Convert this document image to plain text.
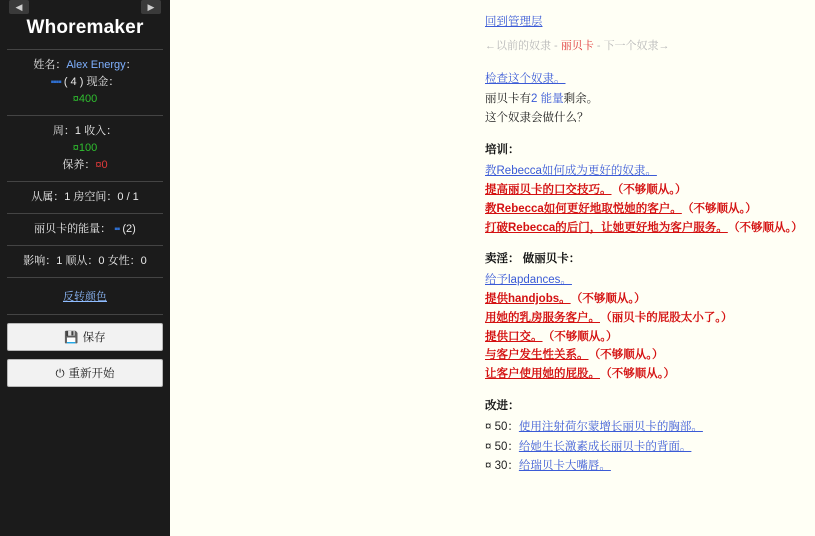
◀	▶
Whoremaker
姓名：Alex Energy：
▪▪▪▪ ( 4 ) 现金：
¤400
周：1 收入：
¤100
保养：¤0
从属：1 房空间：0 / 1
丽贝卡的能量： ▪▪ (2)
影响：1 顺从：0 女性：0
反转颜色
💾 保存
⏻ 重新开始
回到管理层
←以前的奴隶 - 丽贝卡 - 下一个奴隶→
检查这个奴隶。
丽贝卡有2 能量剩余。
这个奴隶会做什么？
培训：
教Rebecca如何成为更好的奴隶。
提高丽贝卡的口交技巧。 （不够顺从。）
教Rebecca如何更好地取悦她的客户。 （不够顺从。）
打破Rebecca的后门，让她更好地为客户服务。 （不够顺从。）
卖淫： 做丽贝卡：
给予lapdances。
提供handjobs。 （不够顺从。）
用她的乳房服务客户。 （丽贝卡的屁股太小了。）
提供口交。 （不够顺从。）
与客户发生性关系。 （不够顺从。）
让客户使用她的屁股。 （不够顺从。）
改进：
¤ 50：使用注射荷尔蒙增长丽贝卡的胸部。
¤ 50：给她生长激素成长丽贝卡的背面。
¤ 30：给瑞贝卡大嘴唇。
